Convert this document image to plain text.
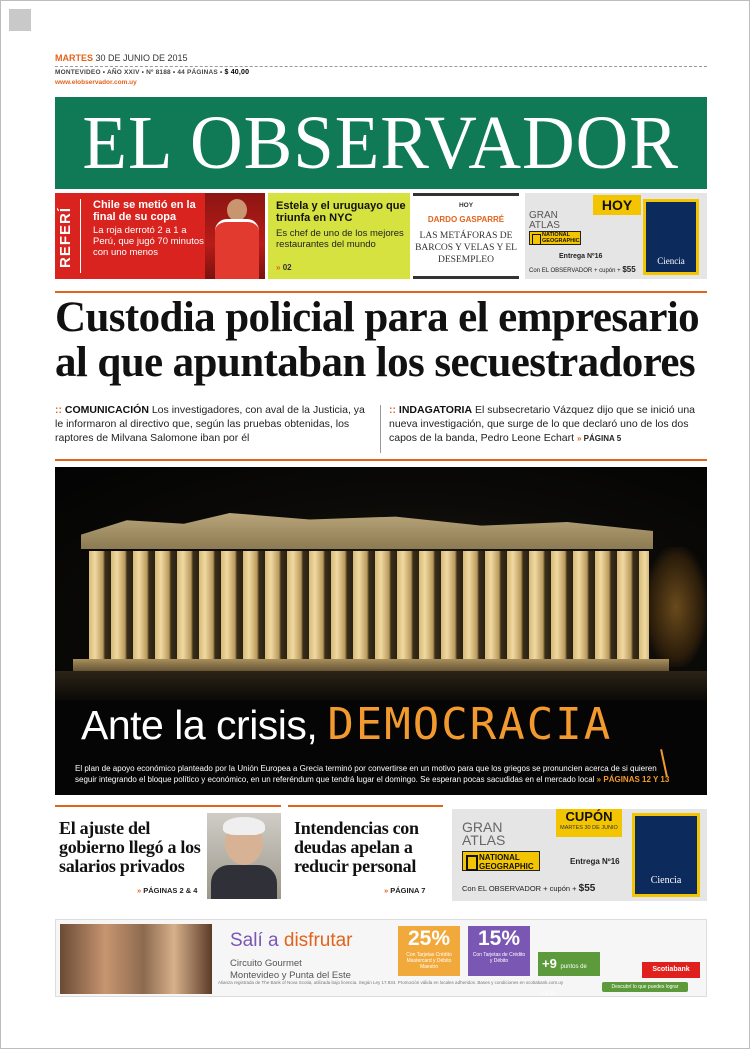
MARTES 30 DE JUNIO DE 2015
MONTEVIDEO • AÑO XXIV • Nº 8188 • 44 PÁGINAS • $ 40,00
www.elobservador.com.uy
EL OBSERVADOR
REFERÍ
Chile se metió en la final de su copa

La roja derrotó 2 a 1 a Perú, que jugó 70 minutos con uno menos

Estela y el uruguayo que triunfa en NYC

Es chef de uno de los mejores restaurantes del mundo

» 02
HOY
DARDO GASPARRÉ
LAS METÁFORAS DE BARCOS Y VELAS Y EL DESEMPLEO
HOY
GRAN ATLAS
NATIONAL GEOGRAPHIC
Entrega Nº16
Con EL OBSERVADOR + cupón + $55
Ciencia
Custodia policial para el empresario al que apuntaban los secuestradores
:: COMUNICACIÓN Los investigadores, con aval de la Justicia, ya le informaron al directivo que, según las pruebas obtenidas, los raptores de Milvana Salomone iban por él
:: INDAGATORIA El subsecretario Vázquez dijo que se inició una nueva investigación, que surge de lo que declaró uno de los dos capos de la banda, Pedro Leone Echart » PÁGINA 5
Ante la crisis, DEMOCRACIA

El plan de apoyo económico planteado por la Unión Europea a Grecia terminó por convertirse en un motivo para que los griegos se pronuncien acerca de si quieren seguir integrando el bloque político y económico, en un referéndum que tendrá lugar el domingo. Se esperan pocas sacudidas en el mercado local » PÁGINAS 12 Y 13

El ajuste del gobierno llegó a los salarios privados
» PÁGINAS 2 & 4
Intendencias con deudas apelan a reducir personal
» PÁGINA 7
GRAN ATLAS
NATIONAL GEOGRAPHIC
CUPÓN
MARTES 30 DE JUNIO
Entrega Nº16
Con EL OBSERVADOR + cupón + $55
Ciencia
Salí a disfrutar
Circuito Gourmet
Montevideo y Punta del Este
25%
Con Tarjetas Crédito Mastercard y Débito Maestro
15%
Con Tarjetas de Crédito y Débito	+9 puntos de I.V.A.
Scotiabank
Alianza registrada de The Bank of Nova Scotia, utilizada bajo licencia. Según Ley 17.934. Promoción válida en locales adheridos. Bases y condiciones en scotiabank.com.uy
Descubrí lo que puedes lograr
